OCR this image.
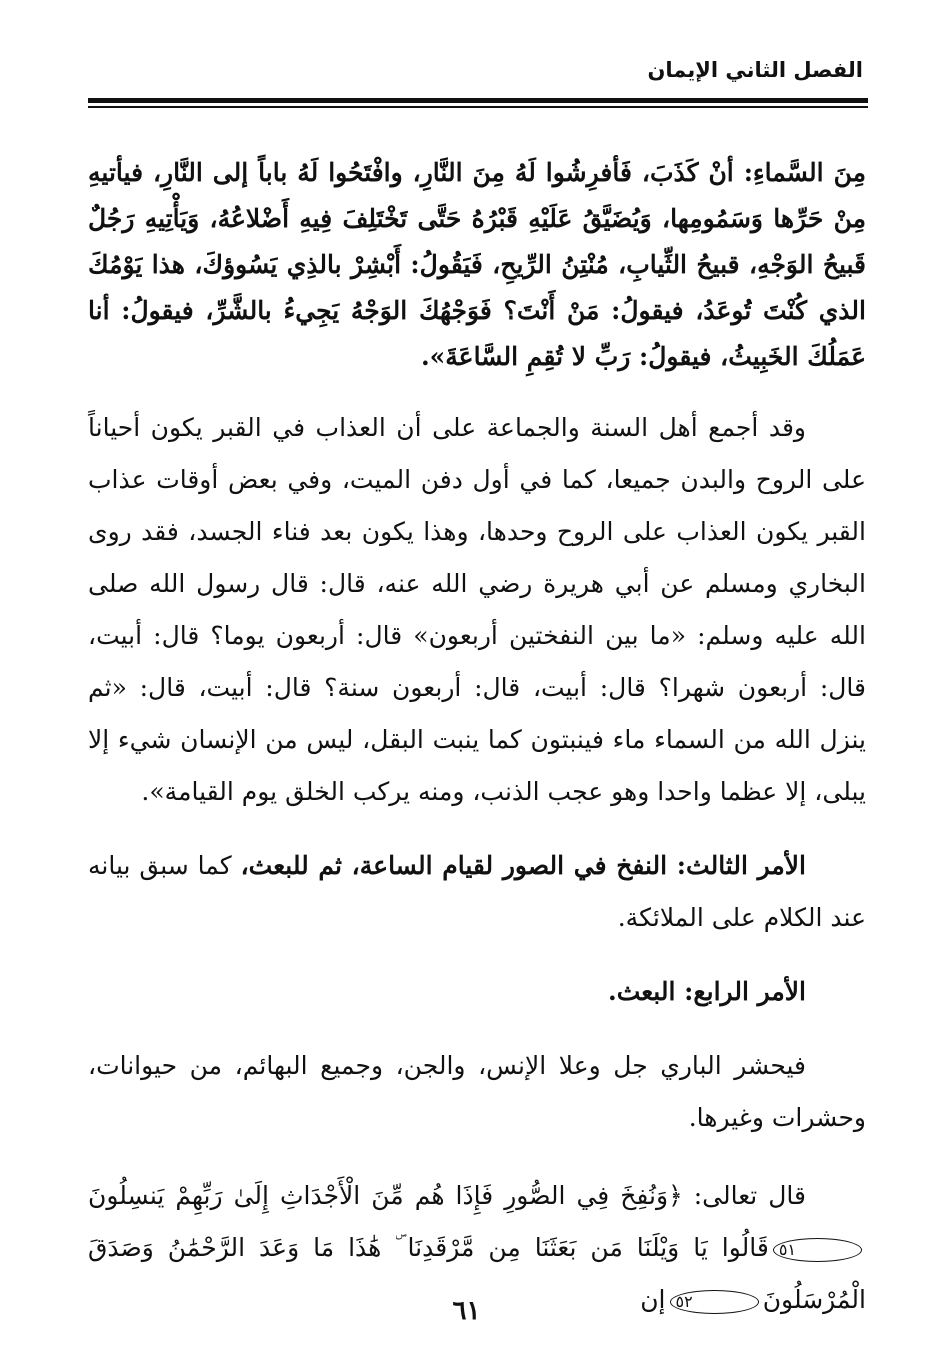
الفصل الثاني الإيمان

مِنَ السَّماءِ: أنْ كَذَبَ، فَأفرِشُوا لَهُ مِنَ النَّارِ، وافْتَحُوا لَهُ باباً إلى النَّارِ، فيأتيهِ مِنْ حَرِّها وَسَمُومِها، وَيُضَيَّقُ عَلَيْهِ قَبْرُهُ حَتَّى تَخْتَلِفَ فِيهِ أَضْلاعُهُ، وَيَأْتِيهِ رَجُلٌ قَبيحُ الوَجْهِ، قبيحُ الثِّيابِ، مُنْتِنُ الرِّيحِ، فَيَقُولُ: أَبْشِرْ بالذِي يَسُوؤكَ، هذا يَوْمُكَ الذي كُنْتَ تُوعَدُ، فيقولُ: مَنْ أَنْتَ؟ فَوَجْهُكَ الوَجْهُ يَجِيءُ بالشَّرِّ، فيقولُ: أنا عَمَلُكَ الخَبِيثُ، فيقولُ: رَبِّ لا تُقِمِ السَّاعَةَ».

وقد أجمع أهل السنة والجماعة على أن العذاب في القبر يكون أحياناً على الروح والبدن جميعا، كما في أول دفن الميت، وفي بعض أوقات عذاب القبر يكون العذاب على الروح وحدها، وهذا يكون بعد فناء الجسد، فقد روى البخاري ومسلم عن أبي هريرة رضي الله عنه، قال: قال رسول الله صلى الله عليه وسلم: «ما بين النفختين أربعون» قال: أربعون يوما؟ قال: أبيت، قال: أربعون شهرا؟ قال: أبيت، قال: أربعون سنة؟ قال: أبيت، قال: «ثم ينزل الله من السماء ماء فينبتون كما ينبت البقل، ليس من الإنسان شيء إلا يبلى، إلا عظما واحدا وهو عجب الذنب، ومنه يركب الخلق يوم القيامة».

الأمر الثالث: النفخ في الصور لقيام الساعة، ثم للبعث، كما سبق بيانه عند الكلام على الملائكة.

الأمر الرابع: البعث.

فيحشر الباري جل وعلا الإنس، والجن، وجميع البهائم، من حيوانات، وحشرات وغيرها.

قال تعالى: ﴿وَنُفِخَ فِي الصُّورِ فَإِذَا هُم مِّنَ الْأَجْدَاثِ إِلَىٰ رَبِّهِمْ يَنسِلُونَ٥١قَالُوا يَا وَيْلَنَا مَن بَعَثَنَا مِن مَّرْقَدِنَا ۜ هَٰذَا مَا وَعَدَ الرَّحْمَٰنُ وَصَدَقَ الْمُرْسَلُونَ٥٢إن

٦١
